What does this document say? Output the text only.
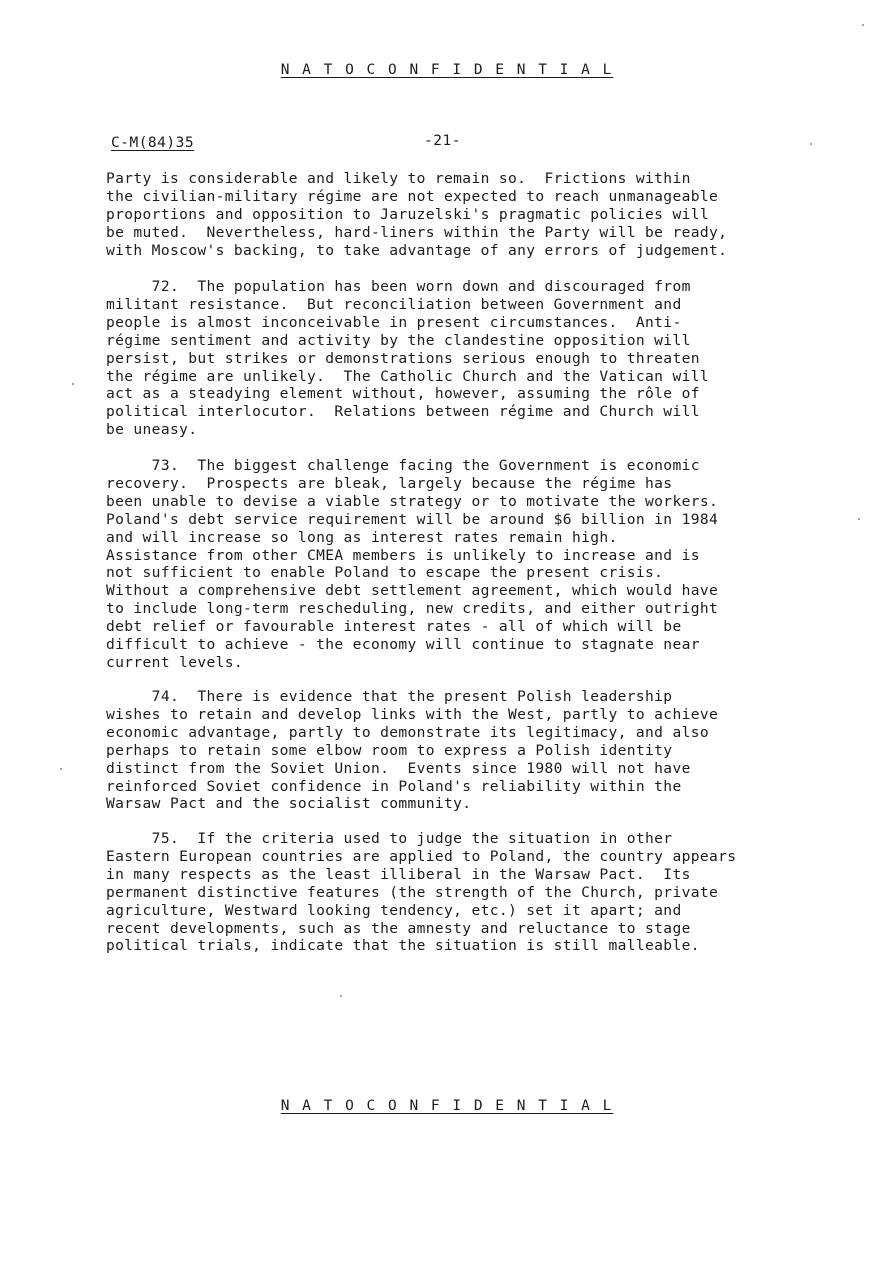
N A T O C O N F I D E N T I A L
C-M(84)35	-21-
Party is considerable and likely to remain so.  Frictions within
the civilian-military régime are not expected to reach unmanageable
proportions and opposition to Jaruzelski's pragmatic policies will
be muted.  Nevertheless, hard-liners within the Party will be ready,
with Moscow's backing, to take advantage of any errors of judgement.
72.  The population has been worn down and discouraged from
militant resistance.  But reconciliation between Government and
people is almost inconceivable in present circumstances.  Anti-
régime sentiment and activity by the clandestine opposition will
persist, but strikes or demonstrations serious enough to threaten
the régime are unlikely.  The Catholic Church and the Vatican will
act as a steadying element without, however, assuming the rôle of
political interlocutor.  Relations between régime and Church will
be uneasy.
73.  The biggest challenge facing the Government is economic
recovery.  Prospects are bleak, largely because the régime has
been unable to devise a viable strategy or to motivate the workers.
Poland's debt service requirement will be around $6 billion in 1984
and will increase so long as interest rates remain high.
Assistance from other CMEA members is unlikely to increase and is
not sufficient to enable Poland to escape the present crisis.
Without a comprehensive debt settlement agreement, which would have
to include long-term rescheduling, new credits, and either outright
debt relief or favourable interest rates - all of which will be
difficult to achieve - the economy will continue to stagnate near
current levels.
74.  There is evidence that the present Polish leadership
wishes to retain and develop links with the West, partly to achieve
economic advantage, partly to demonstrate its legitimacy, and also
perhaps to retain some elbow room to express a Polish identity
distinct from the Soviet Union.  Events since 1980 will not have
reinforced Soviet confidence in Poland's reliability within the
Warsaw Pact and the socialist community.
75.  If the criteria used to judge the situation in other
Eastern European countries are applied to Poland, the country appears
in many respects as the least illiberal in the Warsaw Pact.  Its
permanent distinctive features (the strength of the Church, private
agriculture, Westward looking tendency, etc.) set it apart; and
recent developments, such as the amnesty and reluctance to stage
political trials, indicate that the situation is still malleable.
N A T O C O N F I D E N T I A L
